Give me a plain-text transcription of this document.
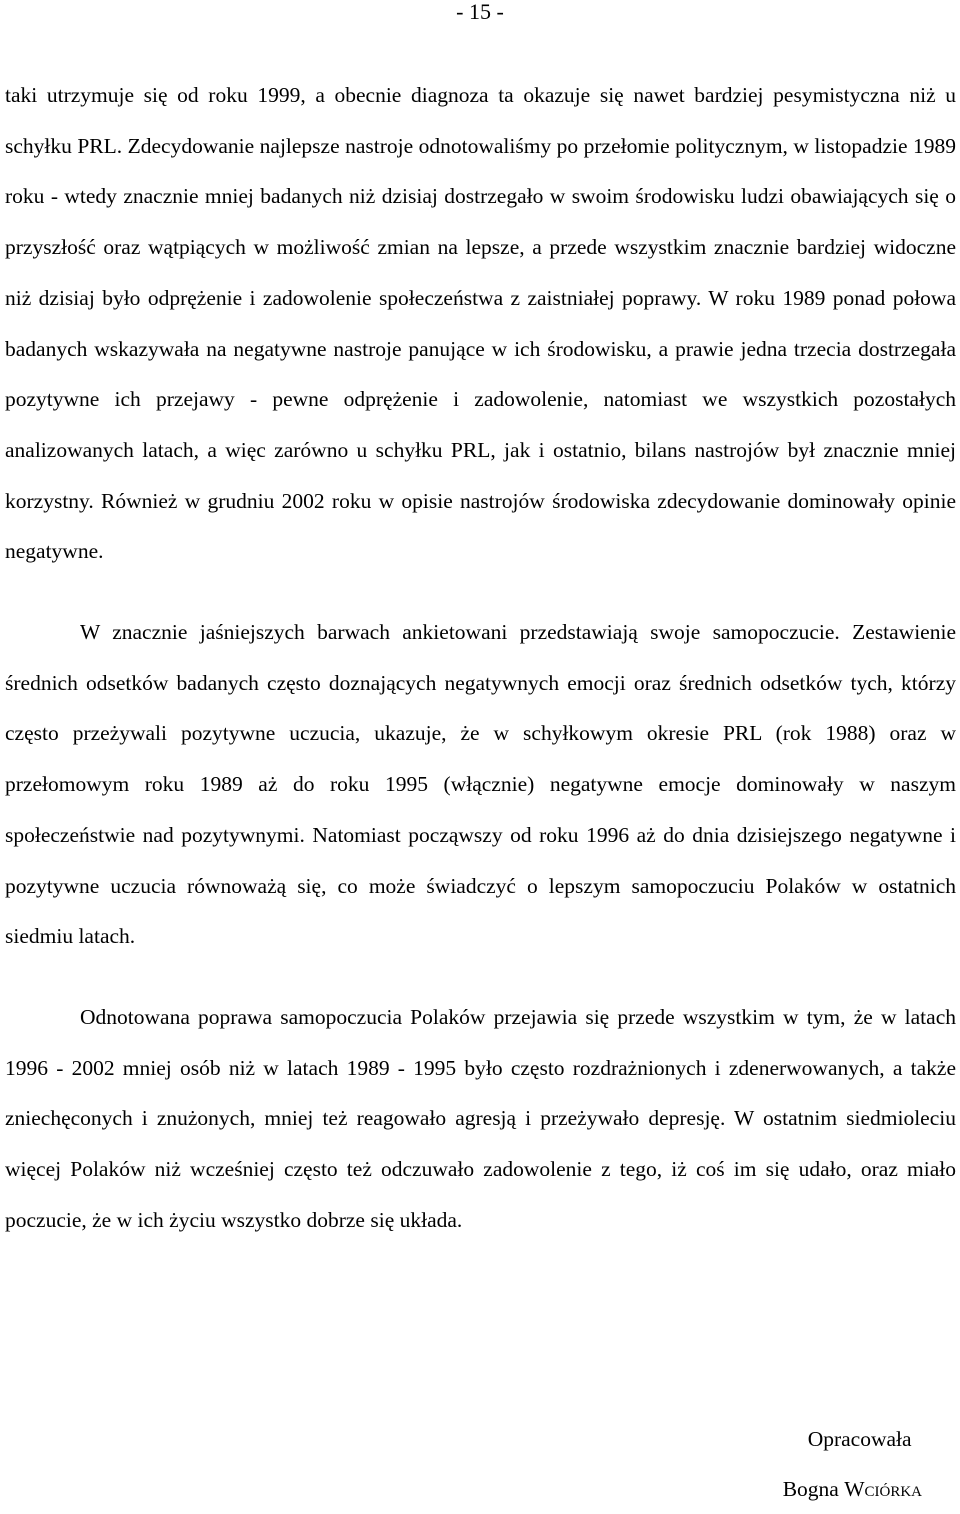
- 15 -

taki utrzymuje się od roku 1999, a obecnie diagnoza ta okazuje się nawet bardziej pesymistyczna niż u schyłku PRL. Zdecydowanie najlepsze nastroje odnotowaliśmy po przełomie politycznym, w listopadzie 1989 roku - wtedy znacznie mniej badanych niż dzisiaj dostrzegało w swoim środowisku ludzi obawiających się o przyszłość oraz wątpiących w możliwość zmian na lepsze, a przede wszystkim znacznie bardziej widoczne niż dzisiaj było odprężenie i zadowolenie społeczeństwa z zaistniałej poprawy. W roku 1989 ponad połowa badanych wskazywała na negatywne nastroje panujące w ich środowisku, a prawie jedna trzecia dostrzegała pozytywne ich przejawy - pewne odprężenie i zadowolenie, natomiast we wszystkich pozostałych analizowanych latach, a więc zarówno u schyłku PRL, jak i ostatnio, bilans nastrojów był znacznie mniej korzystny. Również w grudniu 2002 roku w opisie nastrojów środowiska zdecydowanie dominowały opinie negatywne.

W znacznie jaśniejszych barwach ankietowani przedstawiają swoje samopoczucie. Zestawienie średnich odsetków badanych często doznających negatywnych emocji oraz średnich odsetków tych, którzy często przeżywali pozytywne uczucia, ukazuje, że w schyłkowym okresie PRL (rok 1988) oraz w przełomowym roku 1989 aż do roku 1995 (włącznie) negatywne emocje dominowały w naszym społeczeństwie nad pozytywnymi. Natomiast począwszy od roku 1996 aż do dnia dzisiejszego negatywne i pozytywne uczucia równoważą się, co może świadczyć o lepszym samopoczuciu Polaków w ostatnich siedmiu latach.

Odnotowana poprawa samopoczucia Polaków przejawia się przede wszystkim w tym, że w latach 1996 - 2002 mniej osób niż w latach 1989 - 1995 było często rozdrażnionych i zdenerwowanych, a także zniechęconych i znużonych, mniej też reagowało agresją i przeżywało depresję. W ostatnim siedmioleciu więcej Polaków niż wcześniej często też odczuwało zadowolenie z tego, iż coś im się udało, oraz miało poczucie, że w ich życiu wszystko dobrze się układa.

Opracowała
Bogna Wciórka
